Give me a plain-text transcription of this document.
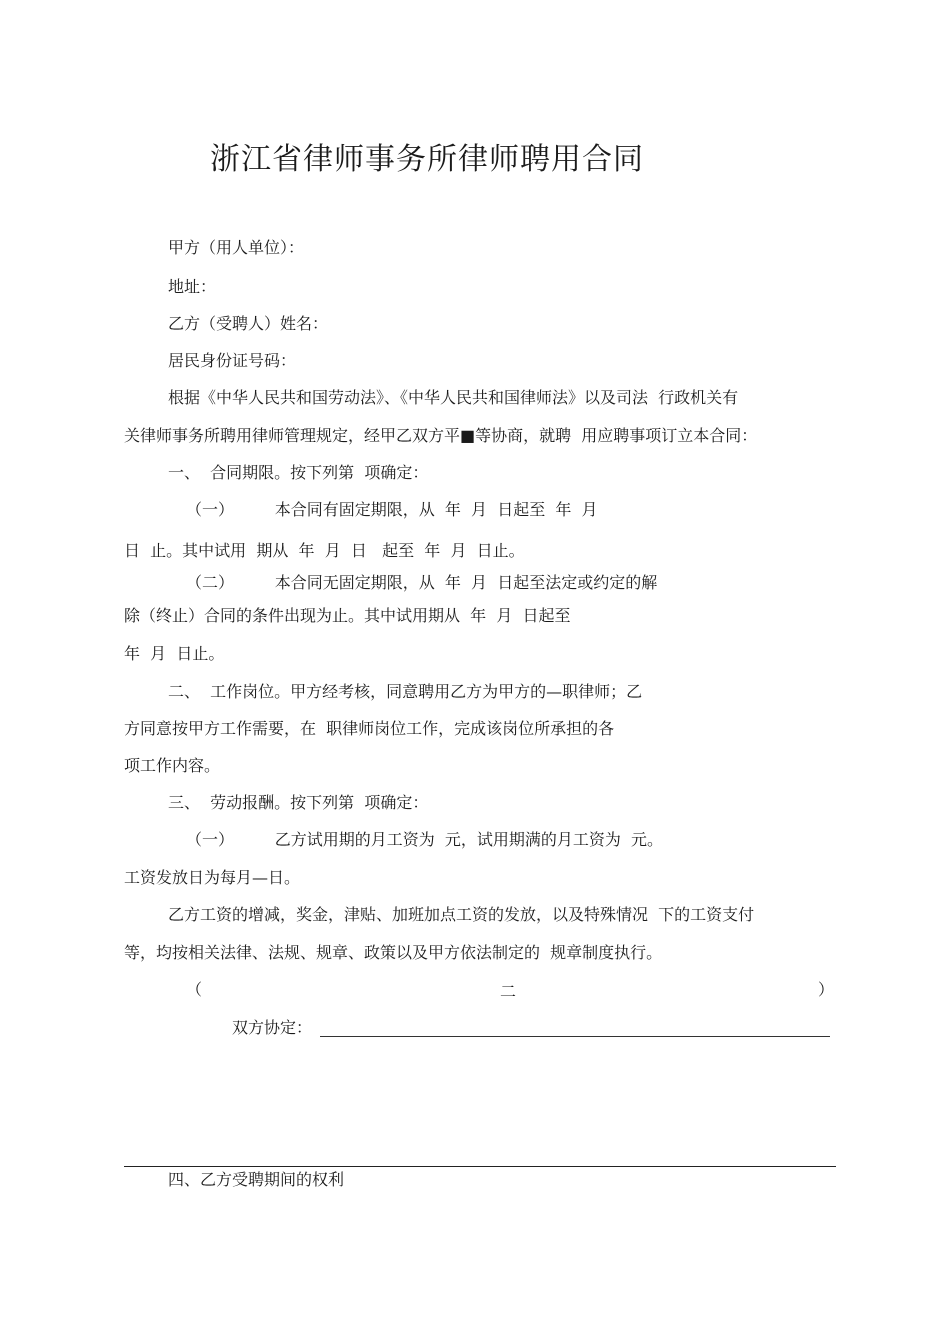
浙江省律师事务所律师聘用合同
甲方（用人单位）：
地址：
乙方（受聘人）姓名：
居民身份证号码：
根据《中华人民共和国劳动法》、《中华人民共和国律师法》以及司法  行政机关有
关律师事务所聘用律师管理规定，经甲乙双方平■等协商，就聘  用应聘事项订立本合同：
一、  合同期限。按下列第  项确定：
（一）        本合同有固定期限，从  年  月  日起至  年  月
日  止。其中试用  期从  年  月  日   起至  年  月  日止。
（二）        本合同无固定期限，从  年  月  日起至法定或约定的解
除（终止）合同的条件出现为止。其中试用期从  年  月  日起至
年  月  日止。
二、  工作岗位。甲方经考核，同意聘用乙方为甲方的—职律师；乙
方同意按甲方工作需要，在  职律师岗位工作，完成该岗位所承担的各
项工作内容。
三、  劳动报酬。按下列第  项确定：
（一）        乙方试用期的月工资为  元，试用期满的月工资为  元。
工资发放日为每月—日。
乙方工资的增减，奖金，津贴、加班加点工资的发放，以及特殊情况  下的工资支付
等，均按相关法律、法规、规章、政策以及甲方依法制定的  规章制度执行。
（	二	）
双方协定：
四、乙方受聘期间的权利
